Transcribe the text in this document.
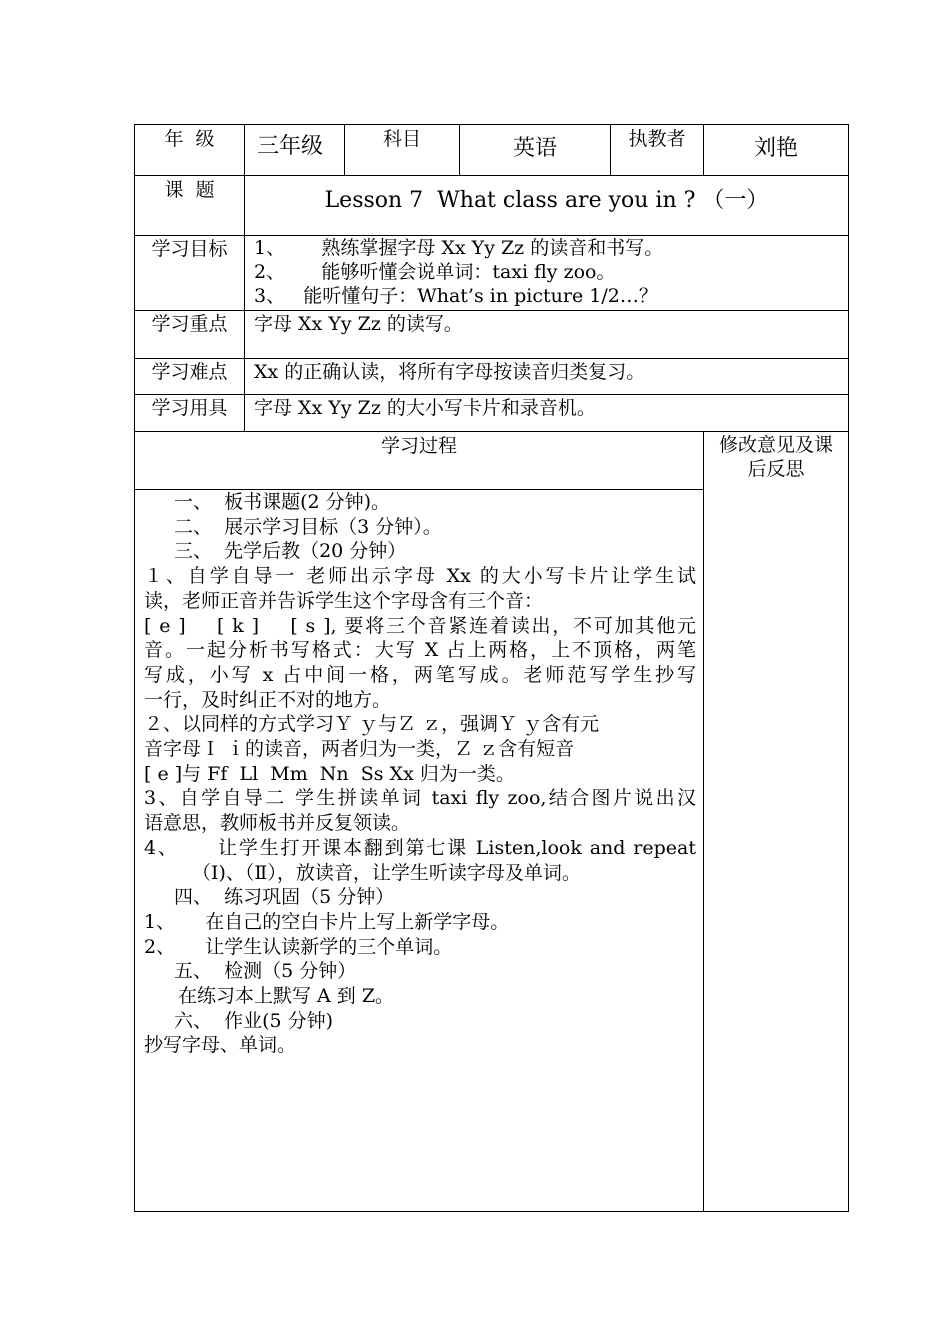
年  级	三年级	科目	英语	执教者	刘艳
课  题	Lesson 7  What class are you in ? （一）
学习目标	1、      熟练掌握字母 Xx Yy Zz 的读音和书写。
2、      能够听懂会说单词：taxi fly zoo。
3、   能听懂句子：What’s in picture 1/2…？
学习重点	字母 Xx Yy Zz 的读写。
学习难点	Xx 的正确认读，将所有字母按读音归类复习。
学习用具	字母 Xx Yy Zz 的大小写卡片和录音机。
学习过程	修改意见及课后反思
一、  板书课题(2 分钟)。
二、  展示学习目标（3 分钟）。
三、  先学后教（20 分钟）
１、自学自导一 老师出示字母 Xx 的大小写卡片让学生试
读，老师正音并告诉学生这个字母含有三个音：
[ e ]    [ k ]    [ s ], 要将三个音紧连着读出，不可加其他元
音。一起分析书写格式：大写 X 占上两格，上不顶格，两笔
写成，小写 x 占中间一格，两笔写成。老师范写学生抄写
一行，及时纠正不对的地方。
２、以同样的方式学习Ｙ ｙ与Ｚ ｚ，强调Ｙ ｙ含有元
音字母Ｉ ｉ的读音，两者归为一类，Ｚ ｚ含有短音
[ e ]与 Ff  Ll  Mm  Nn  Ss Xx 归为一类。
3、自学自导二 学生拼读单词 taxi fly zoo,结合图片说出汉
语意思，教师板书并反复领读。
4、     让学生打开课本翻到第七课 Listen,look and repeat
（Ⅰ)、（Ⅱ），放读音，让学生听读字母及单词。
四、  练习巩固（5 分钟）
1、     在自己的空白卡片上写上新学字母。
2、     让学生认读新学的三个单词。
五、  检测（5 分钟）
在练习本上默写 A 到 Z。
六、  作业(5 分钟)
抄写字母、单词。
